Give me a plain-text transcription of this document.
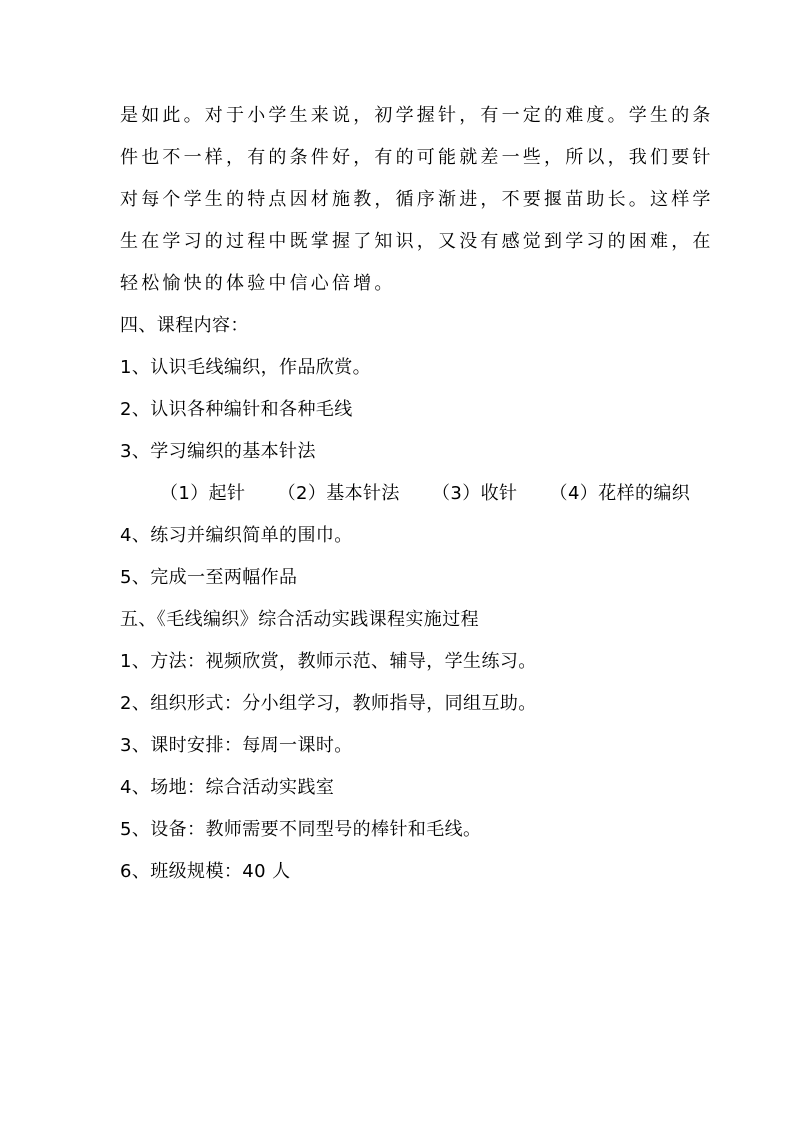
是如此。对于小学生来说，初学握针，有一定的难度。学生的条
件也不一样，有的条件好，有的可能就差一些，所以，我们要针
对每个学生的特点因材施教，循序渐进，不要揠苗助长。这样学
生在学习的过程中既掌握了知识，又没有感觉到学习的困难，在
轻松愉快的体验中信心倍增。
四、课程内容：
1、认识毛线编织，作品欣赏。
2、认识各种编针和各种毛线
3、学习编织的基本针法
（1）起针 （2）基本针法 （3）收针 （4）花样的编织
4、练习并编织简单的围巾。
5、完成一至两幅作品
五、《毛线编织》综合活动实践课程实施过程
1、方法：视频欣赏，教师示范、辅导，学生练习。
2、组织形式：分小组学习，教师指导，同组互助。
3、课时安排：每周一课时。
4、场地：综合活动实践室
5、设备：教师需要不同型号的棒针和毛线。
6、班级规模：40 人
